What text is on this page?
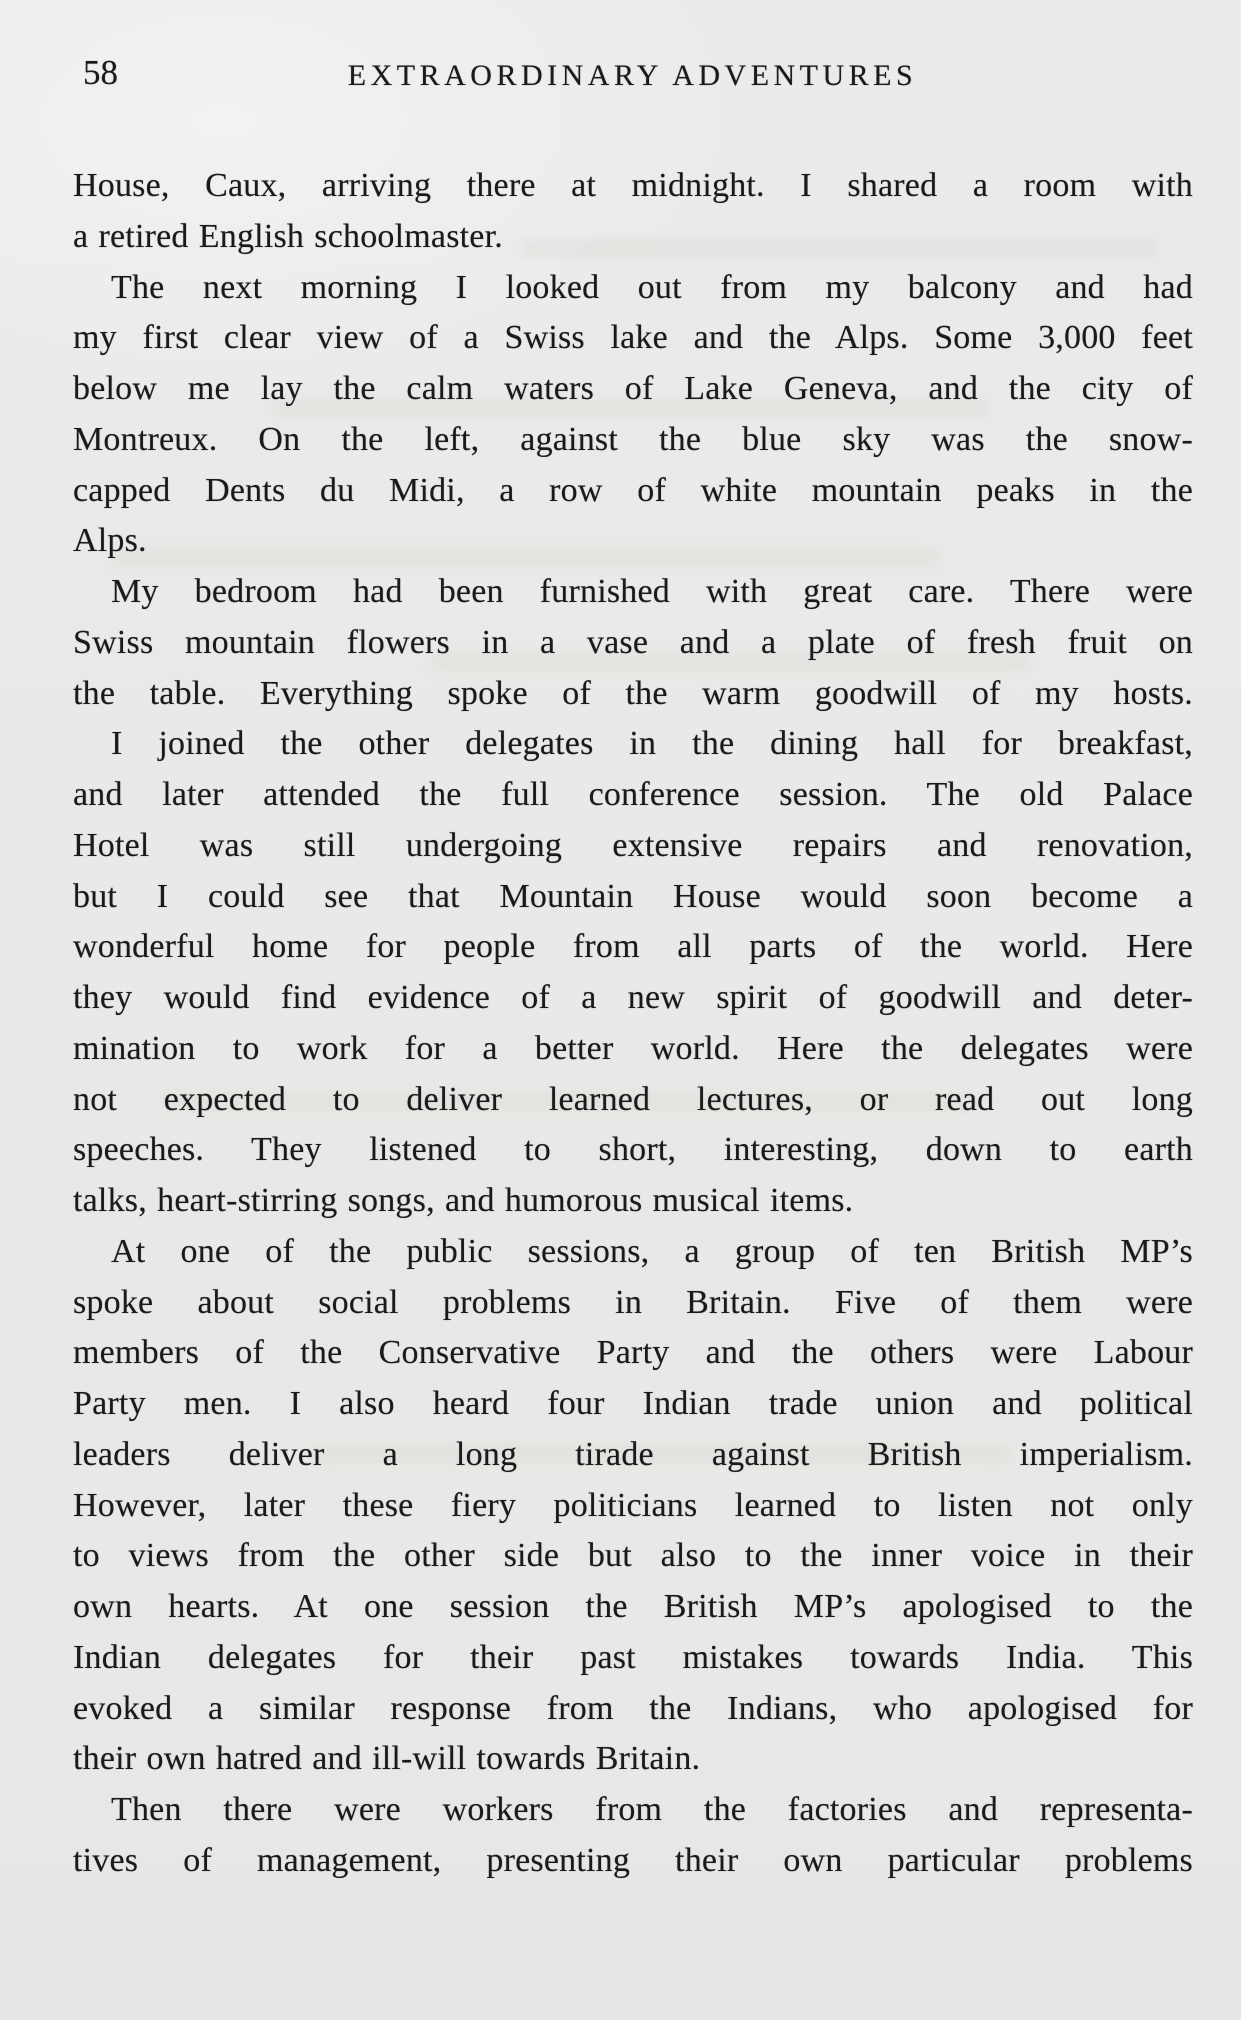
58	EXTRAORDINARY ADVENTURES
House, Caux, arriving there at midnight. I shared a room with
a retired English schoolmaster.
The next morning I looked out from my balcony and had
my first clear view of a Swiss lake and the Alps. Some 3,000 feet
below me lay the calm waters of Lake Geneva, and the city of
Montreux. On the left, against the blue sky was the snow-
capped Dents du Midi, a row of white mountain peaks in the
Alps.
My bedroom had been furnished with great care. There were
Swiss mountain flowers in a vase and a plate of fresh fruit on
the table. Everything spoke of the warm goodwill of my hosts.
I joined the other delegates in the dining hall for breakfast,
and later attended the full conference session. The old Palace
Hotel was still undergoing extensive repairs and renovation,
but I could see that Mountain House would soon become a
wonderful home for people from all parts of the world. Here
they would find evidence of a new spirit of goodwill and deter-
mination to work for a better world. Here the delegates were
not expected to deliver learned lectures, or read out long
speeches. They listened to short, interesting, down to earth
talks, heart-stirring songs, and humorous musical items.
At one of the public sessions, a group of ten British MP’s
spoke about social problems in Britain. Five of them were
members of the Conservative Party and the others were Labour
Party men. I also heard four Indian trade union and political
leaders deliver a long tirade against British imperialism.
However, later these fiery politicians learned to listen not only
to views from the other side but also to the inner voice in their
own hearts. At one session the British MP’s apologised to the
Indian delegates for their past mistakes towards India. This
evoked a similar response from the Indians, who apologised for
their own hatred and ill-will towards Britain.
Then there were workers from the factories and representa-
tives of management, presenting their own particular problems
